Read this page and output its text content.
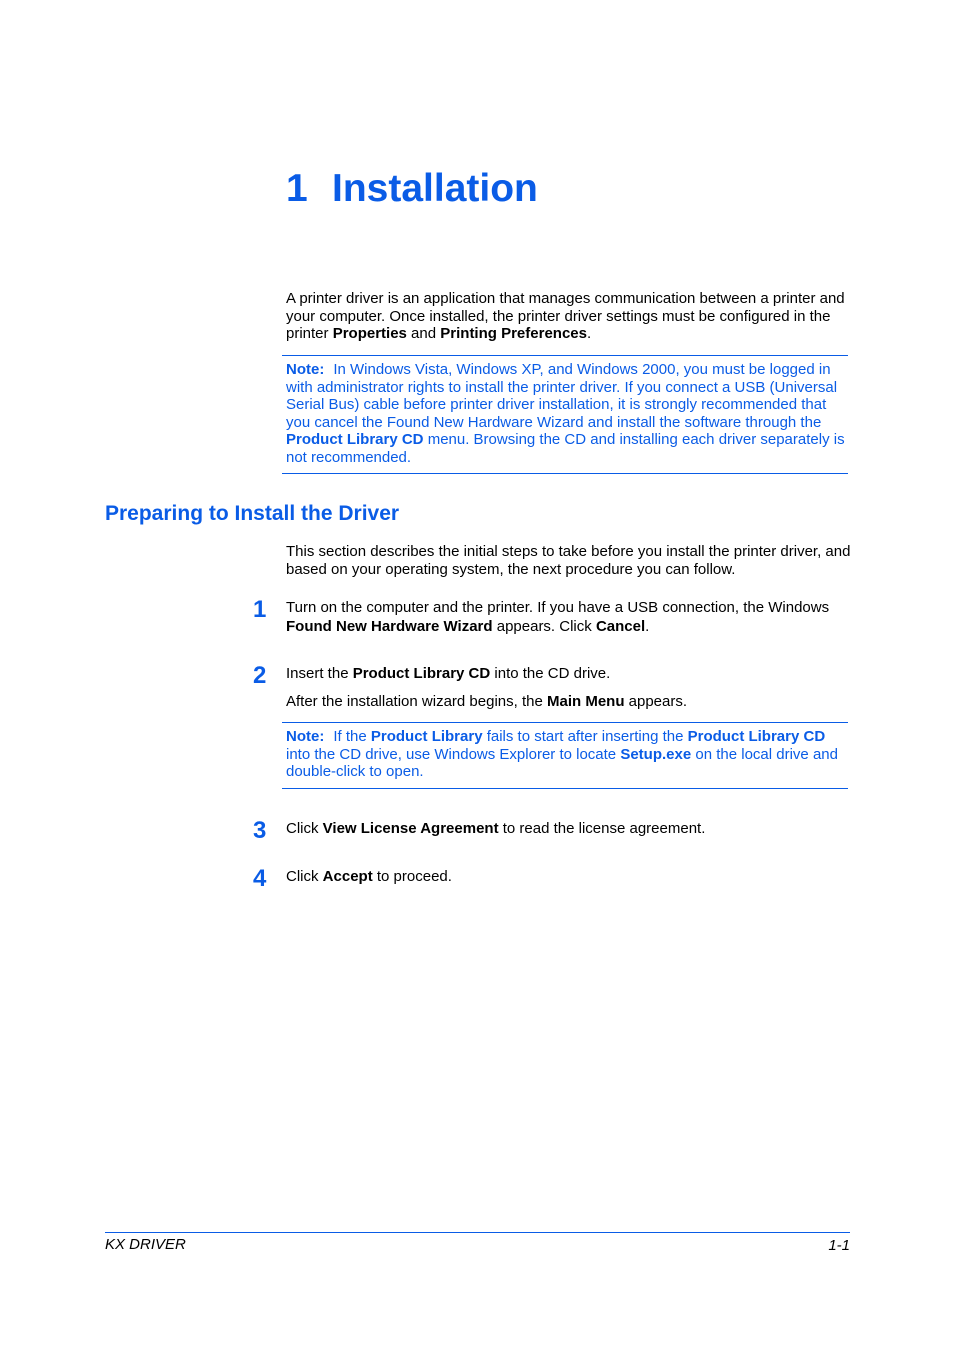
1 Installation

A printer driver is an application that manages communication between a printer and your computer. Once installed, the printer driver settings must be configured in the printer Properties and Printing Preferences.

Note: In Windows Vista, Windows XP, and Windows 2000, you must be logged in with administrator rights to install the printer driver. If you connect a USB (Universal Serial Bus) cable before printer driver installation, it is strongly recommended that you cancel the Found New Hardware Wizard and install the software through the Product Library CD menu. Browsing the CD and installing each driver separately is not recommended.

Preparing to Install the Driver

This section describes the initial steps to take before you install the printer driver, and based on your operating system, the next procedure you can follow.

1	Turn on the computer and the printer. If you have a USB connection, the Windows Found New Hardware Wizard appears. Click Cancel.

2	Insert the Product Library CD into the CD drive.

After the installation wizard begins, the Main Menu appears.

Note: If the Product Library fails to start after inserting the Product Library CD into the CD drive, use Windows Explorer to locate Setup.exe on the local drive and double-click to open.

3	Click View License Agreement to read the license agreement.

4	Click Accept to proceed.

KX DRIVER	1-1
